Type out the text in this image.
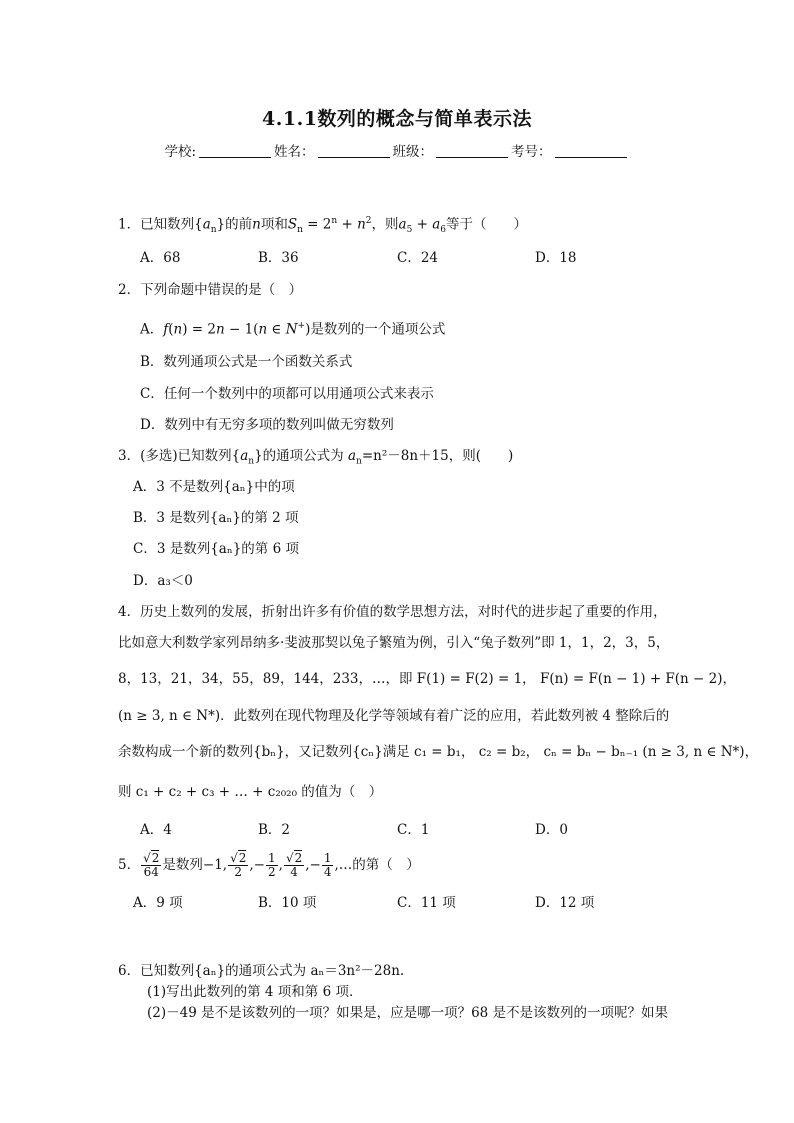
4.1.1数列的概念与简单表示法
学校:	姓名：	班级：	考号：
1．已知数列$\{a_n\}$的前n项和$S_n = 2^n + n^2$，则$a_5 + a_6$等于（　　）
A．68	B．36	C．24	D．18
2．下列命题中错误的是（　）
A．f(n) = 2n − 1(n ∈ N+)是数列的一个通项公式
B．数列通项公式是一个函数关系式
C．任何一个数列中的项都可以用通项公式来表示
D．数列中有无穷多项的数列叫做无穷数列
3．(多选)已知数列$\{a_n\}$的通项公式为 $a_n=n^2-8n+15$，则(　　)
A．3 不是数列{aₙ}中的项
B．3 是数列{aₙ}的第 2 项
C．3 是数列{aₙ}的第 6 项
D．a₃＜0
4．历史上数列的发展，折射出许多有价值的数学思想方法，对时代的进步起了重要的作用，
比如意大利数学家列昂纳多·斐波那契以兔子繁殖为例，引入“兔子数列”即 1，1，2，3，5，
8，13，21，34，55，89，144，233，…，即 F(1) = F(2) = 1， F(n) = F(n − 1) + F(n − 2)，
(n ≥ 3, n ∈ N*)．此数列在现代物理及化学等领域有着广泛的应用，若此数列被 4 整除后的
余数构成一个新的数列{bₙ}，又记数列{cₙ}满足 c₁ = b₁， c₂ = b₂， cₙ = bₙ − bₙ₋₁ (n ≥ 3, n ∈ N*)，
则 c₁ + c₂ + c₃ + … + c₂₀₂₀ 的值为（　）
A．4	B．2	C．1	D．0
5． $\frac{√2}{64}$ 是数列−1, $\frac{√2}{2}$ ,− $\frac{1}{2}$ , $\frac{√2}{4}$ ,− $\frac{1}{4}$ ,…的第（　）
A．9 项	B．10 项	C．11 项	D．12 项
6．已知数列{aₙ}的通项公式为 aₙ＝3n²－28n.
(1)写出此数列的第 4 项和第 6 项．
(2)－49 是不是该数列的一项？如果是，应是哪一项？68 是不是该数列的一项呢？如果
